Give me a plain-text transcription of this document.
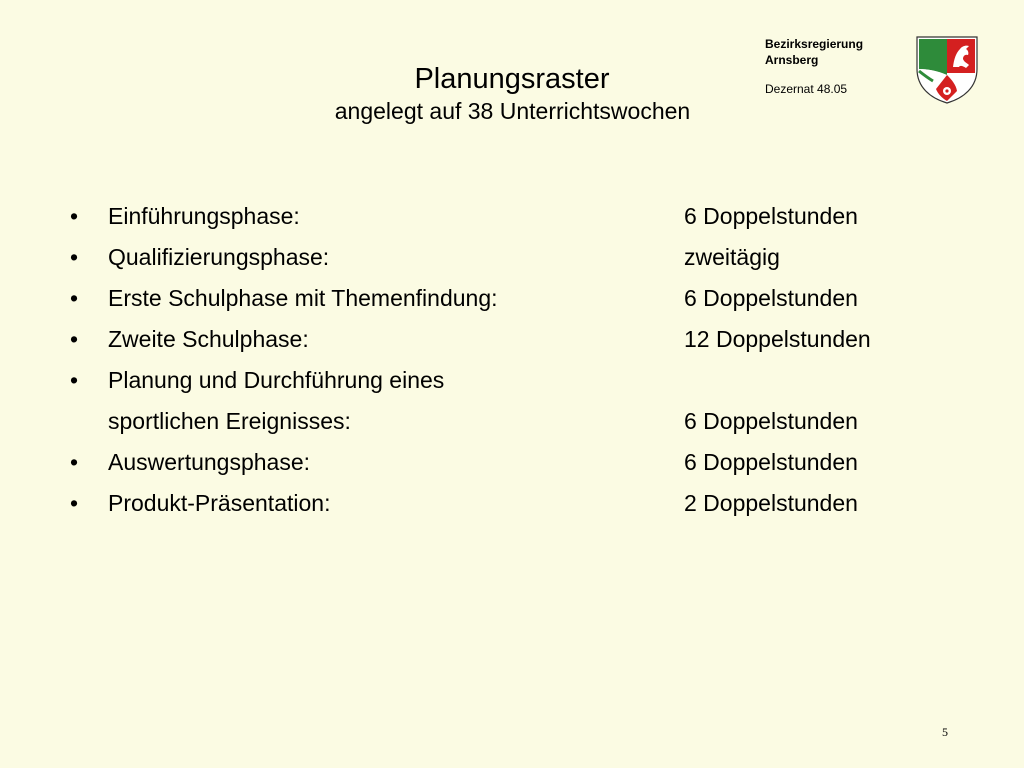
Bezirksregierung
Arnsberg
Dezernat 48.05
Planungsraster
angelegt auf 38 Unterrichtswochen
• Einführungsphase:	6 Doppelstunden
• Qualifizierungsphase:	zweitägig
• Erste Schulphase mit Themenfindung:	6 Doppelstunden
• Zweite Schulphase:	12 Doppelstunden
• Planung und Durchführung eines
sportlichen Ereignisses:	6 Doppelstunden
• Auswertungsphase:	6 Doppelstunden
• Produkt-Präsentation:	2 Doppelstunden
5
